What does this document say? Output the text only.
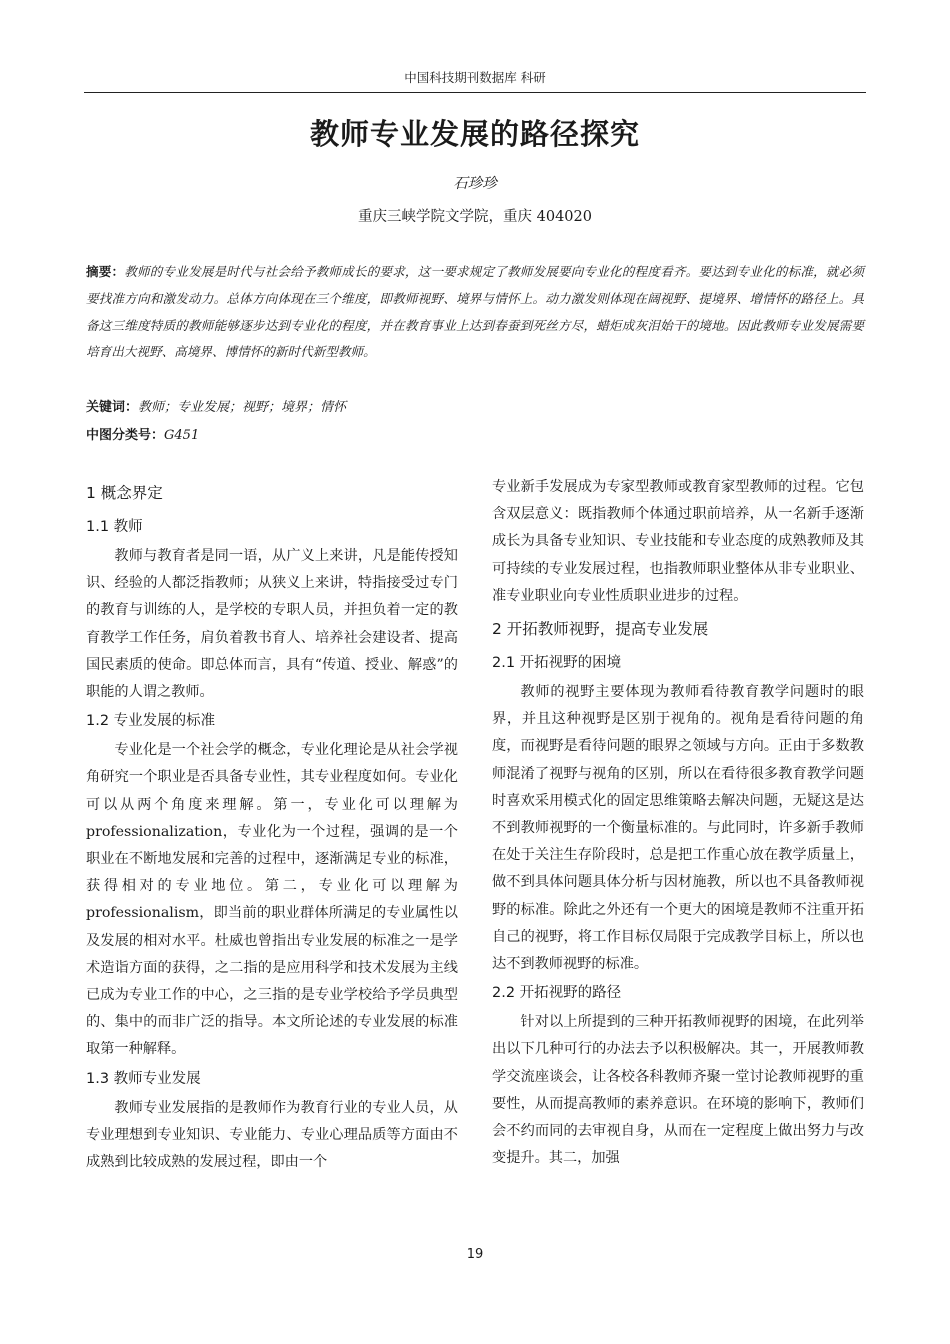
中国科技期刊数据库 科研
教师专业发展的路径探究
石珍珍
重庆三峡学院文学院，重庆 404020
摘要：教师的专业发展是时代与社会给予教师成长的要求，这一要求规定了教师发展要向专业化的程度看齐。要达到专业化的标准，就必须要找准方向和激发动力。总体方向体现在三个维度，即教师视野、境界与情怀上。动力激发则体现在阔视野、提境界、增情怀的路径上。具备这三维度特质的教师能够逐步达到专业化的程度，并在教育事业上达到春蚕到死丝方尽，蜡炬成灰泪始干的境地。因此教师专业发展需要培育出大视野、高境界、博情怀的新时代新型教师。
关键词：教师；专业发展；视野；境界；情怀
中图分类号：G451
1 概念界定
1.1 教师

教师与教育者是同一语，从广义上来讲，凡是能传授知识、经验的人都泛指教师；从狭义上来讲，特指接受过专门的教育与训练的人，是学校的专职人员，并担负着一定的教育教学工作任务，肩负着教书育人、培养社会建设者、提高国民素质的使命。即总体而言，具有“传道、授业、解惑”的职能的人谓之教师。

1.2 专业发展的标准

专业化是一个社会学的概念，专业化理论是从社会学视角研究一个职业是否具备专业性，其专业程度如何。专业化可以从两个角度来理解。第一，专业化可以理解为professionalization，专业化为一个过程，强调的是一个职业在不断地发展和完善的过程中，逐渐满足专业的标准，获得相对的专业地位。第二，专业化可以理解为professionalism，即当前的职业群体所满足的专业属性以及发展的相对水平。杜威也曾指出专业发展的标准之一是学术造诣方面的获得，之二指的是应用科学和技术发展为主线已成为专业工作的中心，之三指的是专业学校给予学员典型的、集中的而非广泛的指导。本文所论述的专业发展的标准取第一种解释。

1.3 教师专业发展

教师专业发展指的是教师作为教育行业的专业人员，从专业理想到专业知识、专业能力、专业心理品质等方面由不成熟到比较成熟的发展过程，即由一个

专业新手发展成为专家型教师或教育家型教师的过程。它包含双层意义：既指教师个体通过职前培养，从一名新手逐渐成长为具备专业知识、专业技能和专业态度的成熟教师及其可持续的专业发展过程，也指教师职业整体从非专业职业、准专业职业向专业性质职业进步的过程。

2 开拓教师视野，提高专业发展
2.1 开拓视野的困境

教师的视野主要体现为教师看待教育教学问题时的眼界，并且这种视野是区别于视角的。视角是看待问题的角度，而视野是看待问题的眼界之领域与方向。正由于多数教师混淆了视野与视角的区别，所以在看待很多教育教学问题时喜欢采用模式化的固定思维策略去解决问题，无疑这是达不到教师视野的一个衡量标准的。与此同时，许多新手教师在处于关注生存阶段时，总是把工作重心放在教学质量上，做不到具体问题具体分析与因材施教，所以也不具备教师视野的标准。除此之外还有一个更大的困境是教师不注重开拓自己的视野，将工作目标仅局限于完成教学目标上，所以也达不到教师视野的标准。

2.2 开拓视野的路径

针对以上所提到的三种开拓教师视野的困境，在此列举出以下几种可行的办法去予以积极解决。其一，开展教师教学交流座谈会，让各校各科教师齐聚一堂讨论教师视野的重要性，从而提高教师的素养意识。在环境的影响下，教师们会不约而同的去审视自身，从而在一定程度上做出努力与改变提升。其二，加强

19
